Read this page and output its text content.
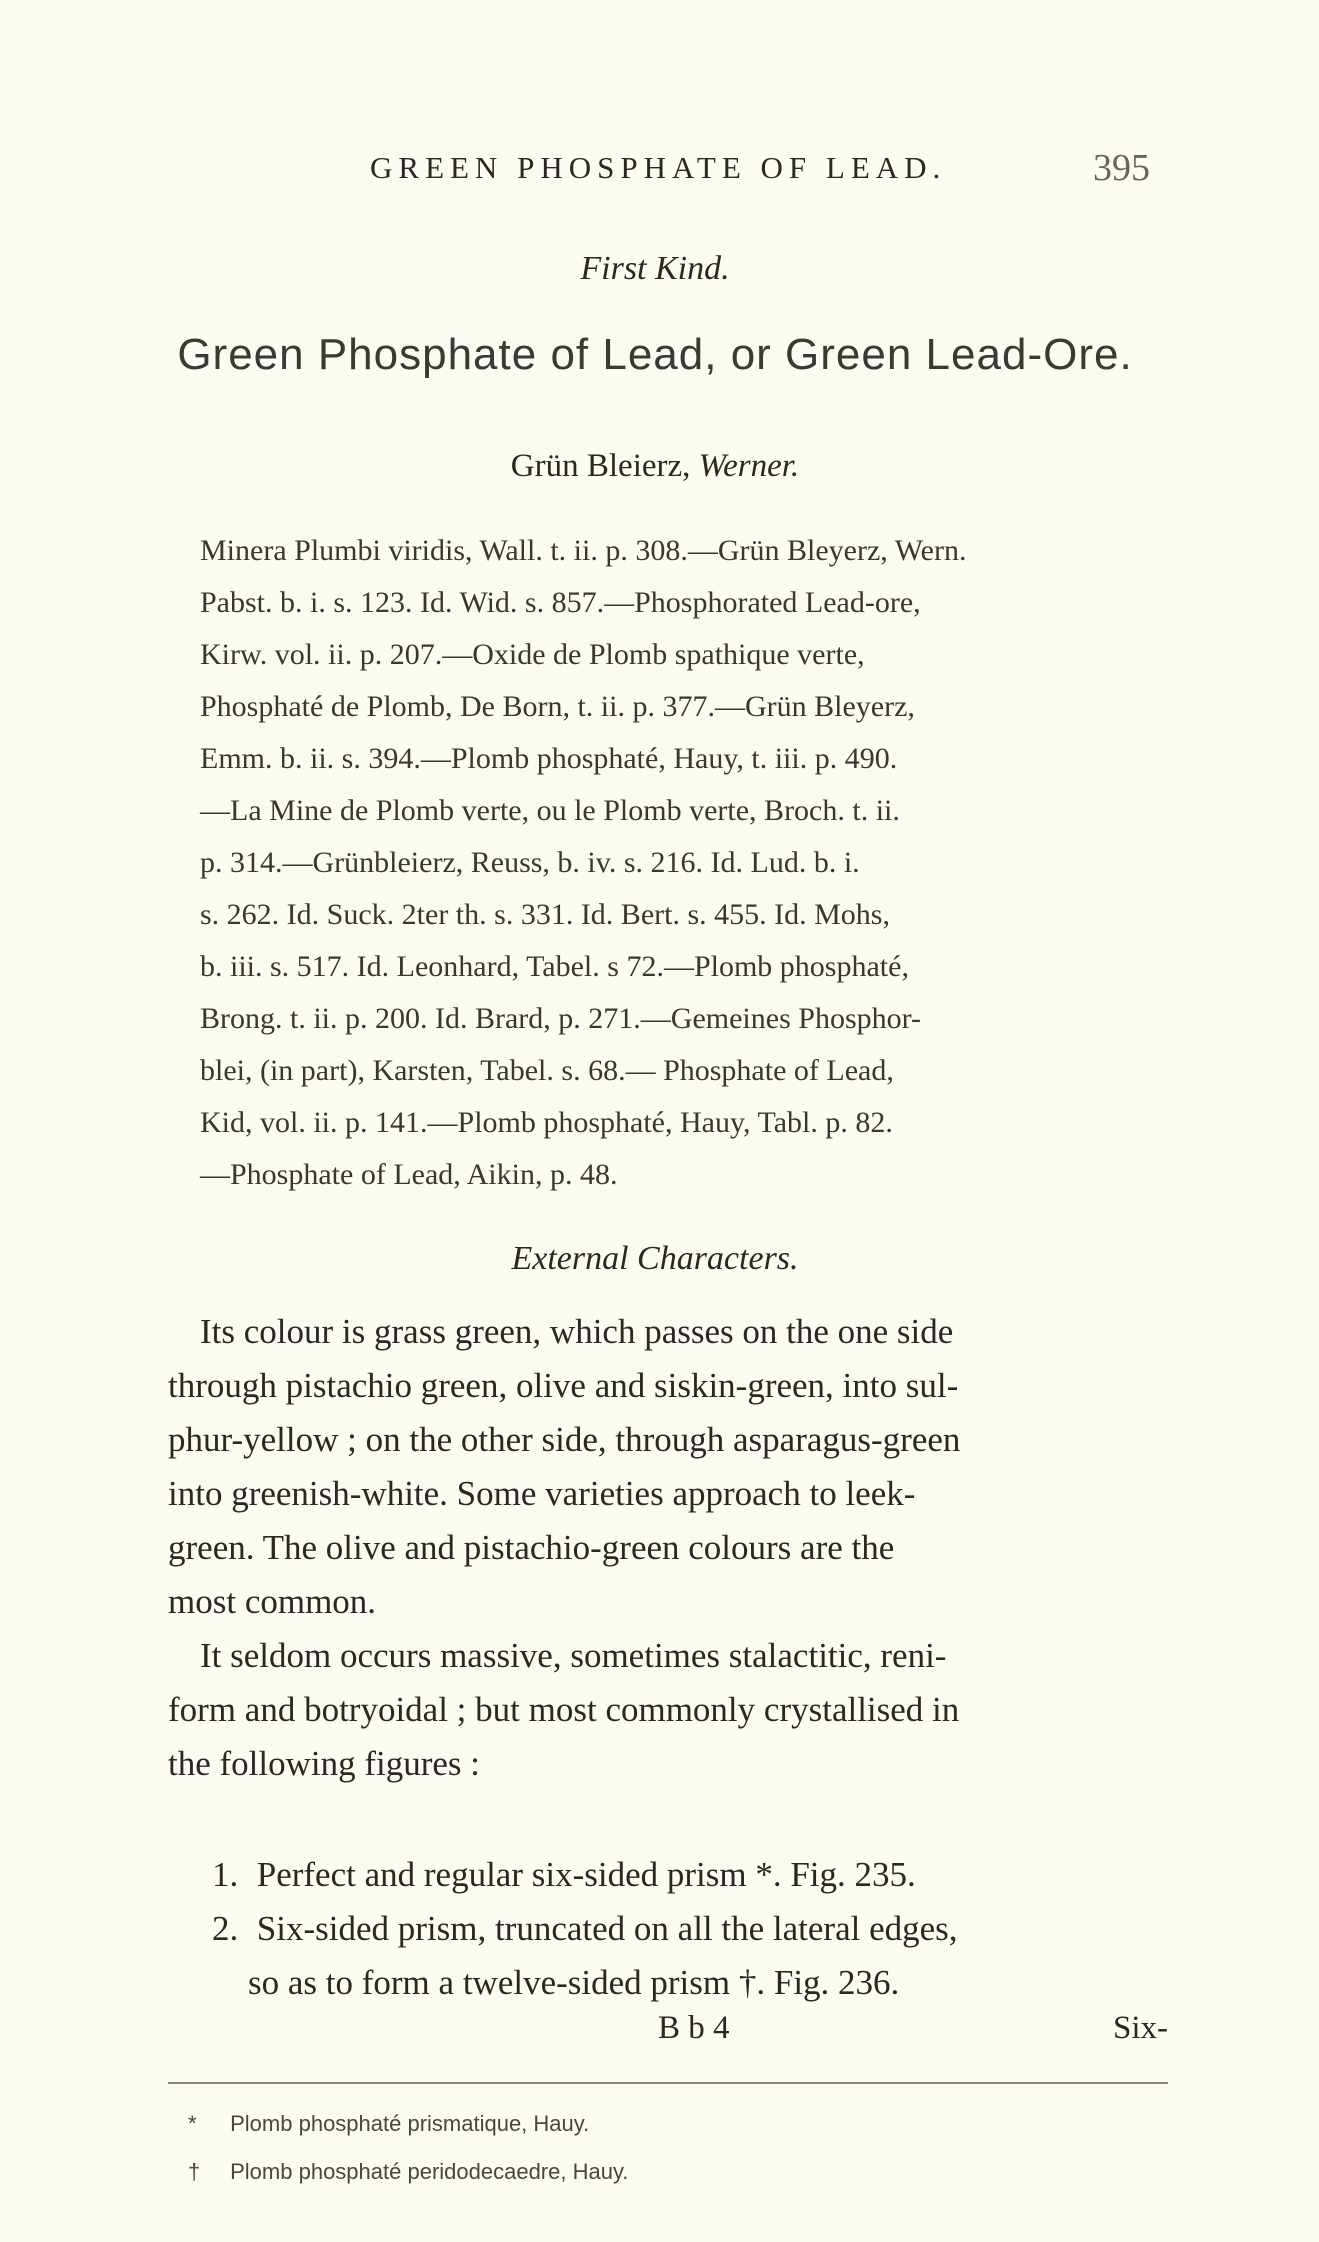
GREEN PHOSPHATE OF LEAD.	395
First Kind.
Green Phosphate of Lead, or Green Lead-Ore.
Grün Bleierz, Werner.
Minera Plumbi viridis, Wall. t. ii. p. 308.—Grün Bleyerz, Wern.
Pabst. b. i. s. 123. Id. Wid. s. 857.—Phosphorated Lead-ore,
Kirw. vol. ii. p. 207.—Oxide de Plomb spathique verte,
Phosphaté de Plomb, De Born, t. ii. p. 377.—Grün Bleyerz,
Emm. b. ii. s. 394.—Plomb phosphaté, Hauy, t. iii. p. 490.
—La Mine de Plomb verte, ou le Plomb verte, Broch. t. ii.
p. 314.—Grünbleierz, Reuss, b. iv. s. 216. Id. Lud. b. i.
s. 262. Id. Suck. 2ter th. s. 331. Id. Bert. s. 455. Id. Mohs,
b. iii. s. 517. Id. Leonhard, Tabel. s 72.—Plomb phosphaté,
Brong. t. ii. p. 200. Id. Brard, p. 271.—Gemeines Phosphor-
blei, (in part), Karsten, Tabel. s. 68.— Phosphate of Lead,
Kid, vol. ii. p. 141.—Plomb phosphaté, Hauy, Tabl. p. 82.
—Phosphate of Lead, Aikin, p. 48.
External Characters.
Its colour is grass green, which passes on the one side
through pistachio green, olive and siskin-green, into sul-
phur-yellow ; on the other side, through asparagus-green
into greenish-white. Some varieties approach to leek-
green. The olive and pistachio-green colours are the
most common.
It seldom occurs massive, sometimes stalactitic, reni-
form and botryoidal ; but most commonly crystallised in
the following figures :
1. Perfect and regular six-sided prism *. Fig. 235.
2. Six-sided prism, truncated on all the lateral edges,
so as to form a twelve-sided prism †. Fig. 236.
B b 4	Six-
* Plomb phosphaté prismatique, Hauy.
† Plomb phosphaté peridodecaedre, Hauy.
